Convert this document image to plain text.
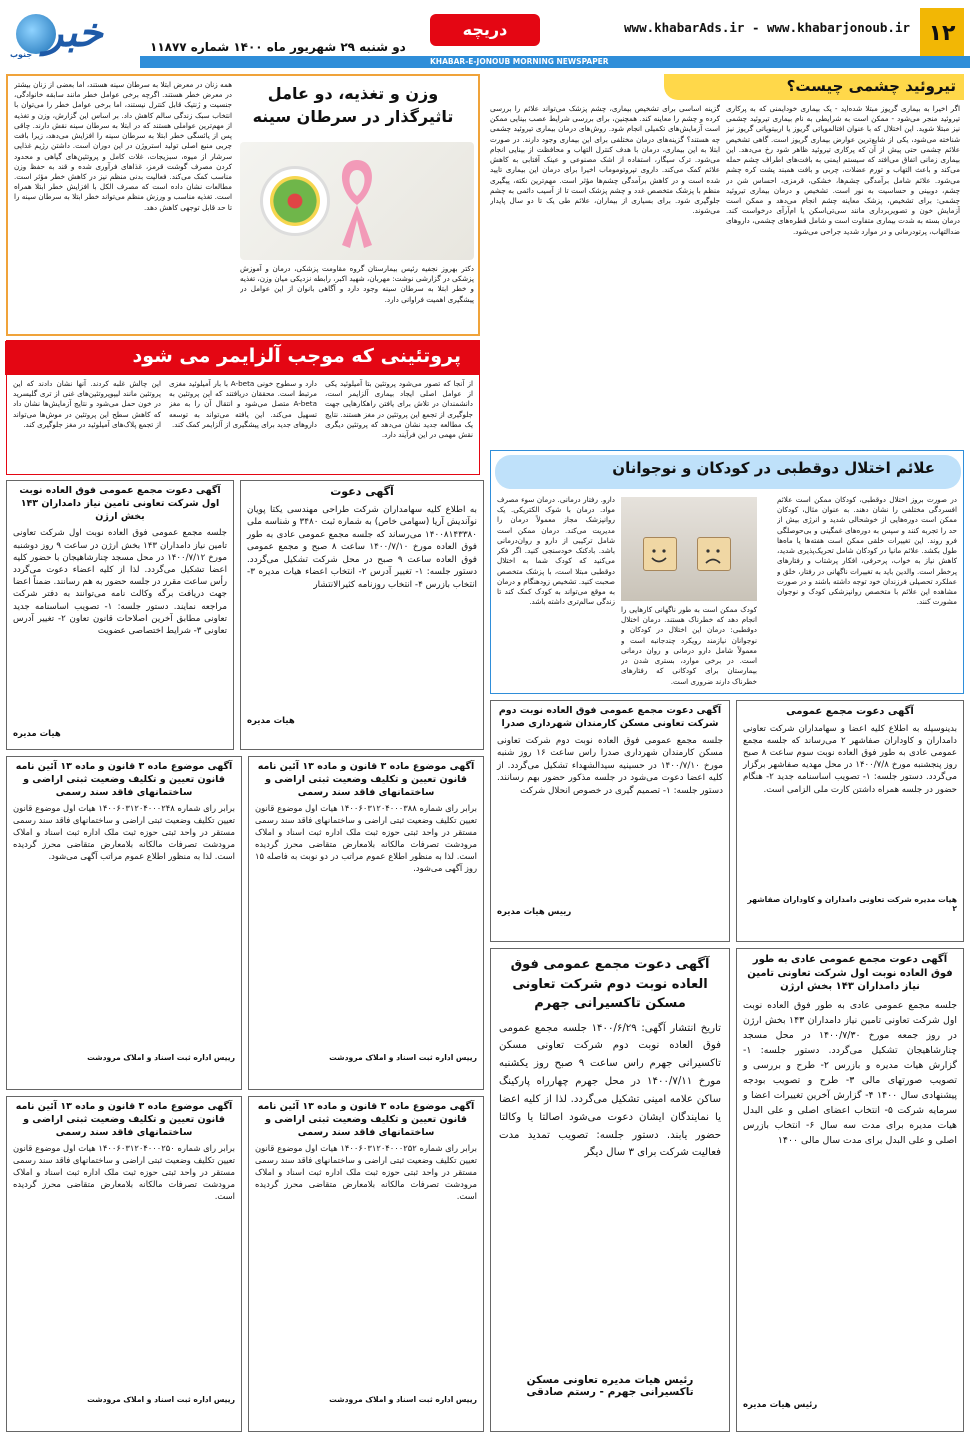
خبر
جنوب
دو شنبه ۲۹ شهریور ماه ۱۴۰۰ شماره ۱۱۸۷۷
دریچه	www.khabarAds.ir - www.khabarjonoub.ir ۱۲
KHABAR-E-JONOUB MORNING NEWSPAPER
تیروئید چشمی چیست؟
اگر اخیرا به بیماری گریوز مبتلا شده‌اید - یک بیماری خودایمنی که به پرکاری تیروئید منجر می‌شود - ممکن است به شرایطی به نام بیماری تیروئید چشمی نیز مبتلا شوید. این اختلال که با عنوان افتالموپاتی گریوز یا اربیتوپاتی گریوز نیز شناخته می‌شود، یکی از شایع‌ترین عوارض بیماری گریوز است. گاهی تشخیص علائم چشمی حتی پیش از آن که پرکاری تیروئید ظاهر شود رخ می‌دهد. این بیماری زمانی اتفاق می‌افتد که سیستم ایمنی به بافت‌های اطراف چشم حمله می‌کند و باعث التهاب و تورم عضلات، چربی و بافت همبند پشت کره چشم می‌شود. علائم شامل برآمدگی چشم‌ها، خشکی، قرمزی، احساس شن در چشم، دوبینی و حساسیت به نور است. تشخیص و درمان بیماری تیروئید چشمی: برای تشخیص، پزشک معاینه چشم انجام می‌دهد و ممکن است آزمایش خون و تصویربرداری مانند سی‌تی‌اسکن یا ام‌آر‌آی درخواست کند. درمان بسته به شدت بیماری متفاوت است و شامل قطره‌های چشمی، داروهای ضدالتهاب، پرتودرمانی و در موارد شدید جراحی می‌شود.
گزینه اساسی برای تشخیص بیماری، چشم پزشک می‌تواند علائم را بررسی کرده و چشم را معاینه کند. همچنین، برای بررسی شرایط عصب بینایی ممکن است آزمایش‌های تکمیلی انجام شود. روش‌های درمان بیماری تیروئید چشمی چه هستند؟ گزینه‌های درمان مختلفی برای این بیماری وجود دارند. در صورت ابتلا به این بیماری، درمان با هدف کنترل التهاب و محافظت از بینایی انجام می‌شود. ترک سیگار، استفاده از اشک مصنوعی و عینک آفتابی به کاهش علائم کمک می‌کند. داروی تپروتوموماب اخیرا برای درمان این بیماری تایید شده است و در کاهش برآمدگی چشم‌ها مؤثر است. مهم‌ترین نکته، پیگیری منظم با پزشک متخصص غدد و چشم پزشک است تا از آسیب دائمی به چشم جلوگیری شود. برای بسیاری از بیماران، علائم طی یک تا دو سال پایدار می‌شوند.
وزن و تغذیه، دو عامل تاثیرگذار در سرطان سینه
همه زنان در معرض ابتلا به سرطان سینه هستند، اما بعضی از زنان بیشتر در معرض خطر هستند. اگرچه برخی عوامل خطر مانند سابقه خانوادگی، جنسیت و ژنتیک قابل کنترل نیستند، اما برخی عوامل خطر را می‌توان با انتخاب سبک زندگی سالم کاهش داد. بر اساس این گزارش، وزن و تغذیه از مهم‌ترین عواملی هستند که در ابتلا به سرطان سینه نقش دارند. چاقی پس از یائسگی خطر ابتلا به سرطان سینه را افزایش می‌دهد، زیرا بافت چربی منبع اصلی تولید استروژن در این دوران است. داشتن رژیم غذایی سرشار از میوه، سبزیجات، غلات کامل و پروتئین‌های گیاهی و محدود کردن مصرف گوشت قرمز، غذاهای فرآوری شده و قند به حفظ وزن مناسب کمک می‌کند. فعالیت بدنی منظم نیز در کاهش خطر مؤثر است. مطالعات نشان داده است که مصرف الکل با افزایش خطر ابتلا همراه است. تغذیه مناسب و ورزش منظم می‌تواند خطر ابتلا به سرطان سینه را تا حد قابل توجهی کاهش دهد.
دکتر بهروز نجفیه رئیس بیمارستان گروه مقاومت پزشکی، درمان و آموزش پزشکی در گزارشی نوشت: مهربان، شهید اکبر، رابطه نزدیکی میان وزن، تغذیه و خطر ابتلا به سرطان سینه وجود دارد و آگاهی بانوان از این عوامل در پیشگیری اهمیت فراوانی دارد.
پروتئینی که موجب آلزایمر می شود
از آنجا که تصور می‌شود پروتئین بتا آمیلوئید یکی از عوامل اصلی ایجاد بیماری آلزایمر است، دانشمندان در تلاش برای یافتن راهکارهایی جهت جلوگیری از تجمع این پروتئین در مغز هستند. نتایج یک مطالعه جدید نشان می‌دهد که پروتئین دیگری نقش مهمی در این فرآیند دارد.
دارد و سطوح خونی A-beta با بار آمیلوئید مغزی مرتبط است. محققان دریافتند که این پروتئین به A-beta متصل می‌شود و انتقال آن را به مغز تسهیل می‌کند. این یافته می‌تواند به توسعه داروهای جدید برای پیشگیری از آلزایمر کمک کند.
این چالش غلبه کردند. آنها نشان دادند که این پروتئین مانند لیپوپروتئین‌های غنی از تری گلیسرید در خون حمل می‌شود و نتایج آزمایش‌ها نشان داد که کاهش سطح این پروتئین در موش‌ها می‌تواند از تجمع پلاک‌های آمیلوئید در مغز جلوگیری کند.
علائم اختلال دوقطبی در کودکان و نوجوانان
در صورت بروز اختلال دوقطبی، کودکان ممکن است علائم افسردگی مختلفی را نشان دهند. به عنوان مثال، کودکان ممکن است دوره‌هایی از خوشحالی شدید و انرژی بیش از حد را تجربه کنند و سپس به دوره‌های غمگینی و بی‌حوصلگی فرو روند. این تغییرات خلقی ممکن است هفته‌ها یا ماه‌ها طول بکشد. علائم مانیا در کودکان شامل تحریک‌پذیری شدید، کاهش نیاز به خواب، پرحرفی، افکار پرشتاب و رفتارهای پرخطر است. والدین باید به تغییرات ناگهانی در رفتار، خلق و عملکرد تحصیلی فرزندان خود توجه داشته باشند و در صورت مشاهده این علائم با متخصص روانپزشکی کودک و نوجوان مشورت کنند.
کودک ممکن است به طور ناگهانی کارهایی را انجام دهد که خطرناک هستند. درمان اختلال دوقطبی: درمان این اختلال در کودکان و نوجوانان نیازمند رویکرد چندجانبه است و معمولاً شامل دارو درمانی و روان درمانی است. در برخی موارد، بستری شدن در بیمارستان برای کودکانی که رفتارهای خطرناک دارند ضروری است.
دارو. رفتار درمانی. درمان سوء مصرف مواد. درمان با شوک الکتریکی. یک روانپزشک مجاز معمولاً درمان را مدیریت می‌کند. درمان ممکن است شامل ترکیبی از دارو و روان‌درمانی باشد. بادکنک خودسنجی کنید. اگر فکر می‌کنید که کودک شما به اختلال دوقطبی مبتلا است، با پزشک متخصص صحبت کنید. تشخیص زودهنگام و درمان به موقع می‌تواند به کودک کمک کند تا زندگی سالم‌تری داشته باشد.
آگهی دعوت مجمع عمومی فوق العاده نوبت اول شرکت تعاونی تامین نیاز دامداران ۱۴۳ بخش ارژن
جلسه مجمع عمومی فوق العاده نوبت اول شرکت تعاونی تامین نیاز دامداران ۱۴۳ بخش ارژن در ساعت ۹ روز دوشنبه مورخ ۱۴۰۰/۷/۱۲ در محل مسجد چنارشاهیجان با حضور کلیه اعضا تشکیل می‌گردد. لذا از کلیه اعضاء دعوت می‌گردد رأس ساعت مقرر در جلسه حضور به هم رسانند. ضمناً اعضا جهت دریافت برگه وکالت نامه می‌توانند به دفتر شرکت مراجعه نمایند. دستور جلسه: ۱- تصویب اساسنامه جدید تعاونی مطابق آخرین اصلاحات قانون تعاون ۲- تغییر آدرس تعاونی ۳- شرایط اختصاصی عضویت
هیات مدیره
آگهی دعوت
به اطلاع کلیه سهامداران شرکت طراحی مهندسی یکتا پویان نوآندیش آریا (سهامی خاص) به شماره ثبت ۳۴۸۰ و شناسه ملی ۱۴۰۰۸۱۴۳۳۸۰ می‌رساند که جلسه مجمع عمومی عادی به طور فوق العاده مورخ ۱۴۰۰/۷/۱۰ ساعت ۸ صبح و مجمع عمومی فوق العاده ساعت ۹ صبح در محل شرکت تشکیل می‌گردد. دستور جلسه: ۱- تغییر آدرس ۲- انتخاب اعضاء هیات مدیره ۳- انتخاب بازرس ۴- انتخاب روزنامه کثیرالانتشار
هیات مدیره
آگهی دعوت مجمع عمومی فوق العاده نوبت دوم شرکت تعاونی مسکن کارمندان شهرداری صدرا
جلسه مجمع عمومی فوق العاده نوبت دوم شرکت تعاونی مسکن کارمندان شهرداری صدرا راس ساعت ۱۶ روز شنبه مورخ ۱۴۰۰/۷/۱۰ در حسینیه سیدالشهداء تشکیل می‌گردد. از کلیه اعضا دعوت می‌شود در جلسه مذکور حضور بهم رسانند. دستور جلسه: ۱- تصمیم گیری در خصوص انحلال شرکت
رییس هیات مدیره
آگهی دعوت مجمع عمومی
بدینوسیله به اطلاع کلیه اعضا و سهامداران شرکت تعاونی دامداران و کاوداران صفاشهر ۲ می‌رساند که جلسه مجمع عمومی عادی به طور فوق العاده نوبت سوم ساعت ۸ صبح روز پنجشنبه مورخ ۱۴۰۰/۷/۸ در محل مهدیه صفاشهر برگزار می‌گردد. دستور جلسه: ۱- تصویب اساسنامه جدید ۲- هنگام حضور در جلسه همراه داشتن کارت ملی الزامی است.
هیات مدیره شرکت تعاونی دامداران و کاوداران صفاشهر ۲
آگهی موضوع ماده ۳ قانون و ماده ۱۳ آئین نامه قانون تعیین و تکلیف وضعیت ثبتی اراضی و ساختمانهای فاقد سند رسمی
برابر رای شماره ۱۴۰۰۶۰۳۱۲۰۴۰۰۰۲۴۸ هیات اول موضوع قانون تعیین تکلیف وضعیت ثبتی اراضی و ساختمانهای فاقد سند رسمی مستقر در واحد ثبتی حوزه ثبت ملک اداره ثبت اسناد و املاک مرودشت تصرفات مالکانه بلامعارض متقاضی محرز گردیده است. لذا به منظور اطلاع عموم مراتب آگهی می‌شود.
رییس اداره ثبت اسناد و املاک مرودشت
آگهی موضوع ماده ۳ قانون و ماده ۱۳ آئین نامه قانون تعیین و تکلیف وضعیت ثبتی اراضی و ساختمانهای فاقد سند رسمی
برابر رای شماره ۱۴۰۰۶۰۳۱۲۰۴۰۰۰۳۸۸ هیات اول موضوع قانون تعیین تکلیف وضعیت ثبتی اراضی و ساختمانهای فاقد سند رسمی مستقر در واحد ثبتی حوزه ثبت ملک اداره ثبت اسناد و املاک مرودشت تصرفات مالکانه بلامعارض متقاضی محرز گردیده است. لذا به منظور اطلاع عموم مراتب در دو نوبت به فاصله ۱۵ روز آگهی می‌شود.
رییس اداره ثبت اسناد و املاک مرودشت
آگهی موضوع ماده ۳ قانون و ماده ۱۳ آئین نامه قانون تعیین و تکلیف وضعیت ثبتی اراضی و ساختمانهای فاقد سند رسمی
برابر رای شماره ۱۴۰۰۶۰۳۱۲۰۴۰۰۰۲۵۰ هیات اول موضوع قانون تعیین تکلیف وضعیت ثبتی اراضی و ساختمانهای فاقد سند رسمی مستقر در واحد ثبتی حوزه ثبت ملک اداره ثبت اسناد و املاک مرودشت تصرفات مالکانه بلامعارض متقاضی محرز گردیده است.
رییس اداره ثبت اسناد و املاک مرودشت
آگهی موضوع ماده ۳ قانون و ماده ۱۳ آئین نامه قانون تعیین و تکلیف وضعیت ثبتی اراضی و ساختمانهای فاقد سند رسمی
برابر رای شماره ۱۴۰۰۶۰۳۱۲۰۴۰۰۰۲۵۲ هیات اول موضوع قانون تعیین تکلیف وضعیت ثبتی اراضی و ساختمانهای فاقد سند رسمی مستقر در واحد ثبتی حوزه ثبت ملک اداره ثبت اسناد و املاک مرودشت تصرفات مالکانه بلامعارض متقاضی محرز گردیده است.
رییس اداره ثبت اسناد و املاک مرودشت
آگهی دعوت مجمع عمومی فوق العاده نوبت دوم شرکت تعاونی مسکن تاکسیرانی جهرم
تاریخ انتشار آگهی: ۱۴۰۰/۶/۲۹ جلسه مجمع عمومی فوق العاده نوبت دوم شرکت تعاونی مسکن تاکسیرانی جهرم راس ساعت ۹ صبح روز یکشنبه مورخ ۱۴۰۰/۷/۱۱ در محل جهرم چهارراه پارکینگ ساکن علامه امینی تشکیل می‌گردد. لذا از کلیه اعضا یا نمایندگان ایشان دعوت می‌شود اصالتا یا وکالتا حضور یابند. دستور جلسه: تصویب تمدید مدت فعالیت شرکت برای ۳ سال دیگر
رئیس هیات مدیره تعاونی مسکن تاکسیرانی جهرم - رستم صادقی
آگهی دعوت مجمع عمومی عادی به طور فوق العاده نوبت اول شرکت تعاونی تامین نیاز دامداران ۱۴۳ بخش ارژن
جلسه مجمع عمومی عادی به طور فوق العاده نوبت اول شرکت تعاونی تامین نیاز دامداران ۱۴۳ بخش ارژن در روز جمعه مورخ ۱۴۰۰/۷/۳۰ در محل مسجد چنارشاهیجان تشکیل می‌گردد. دستور جلسه: ۱- گزارش هیات مدیره و بازرس ۲- طرح و بررسی و تصویب صورتهای مالی ۳- طرح و تصویب بودجه پیشنهادی سال ۱۴۰۰ ۴- گزارش آخرین تغییرات اعضا و سرمایه شرکت ۵- انتخاب اعضای اصلی و علی البدل هیات مدیره برای مدت سه سال ۶- انتخاب بازرس اصلی و علی البدل برای مدت سال مالی ۱۴۰۰
رئیس هیات مدیره
